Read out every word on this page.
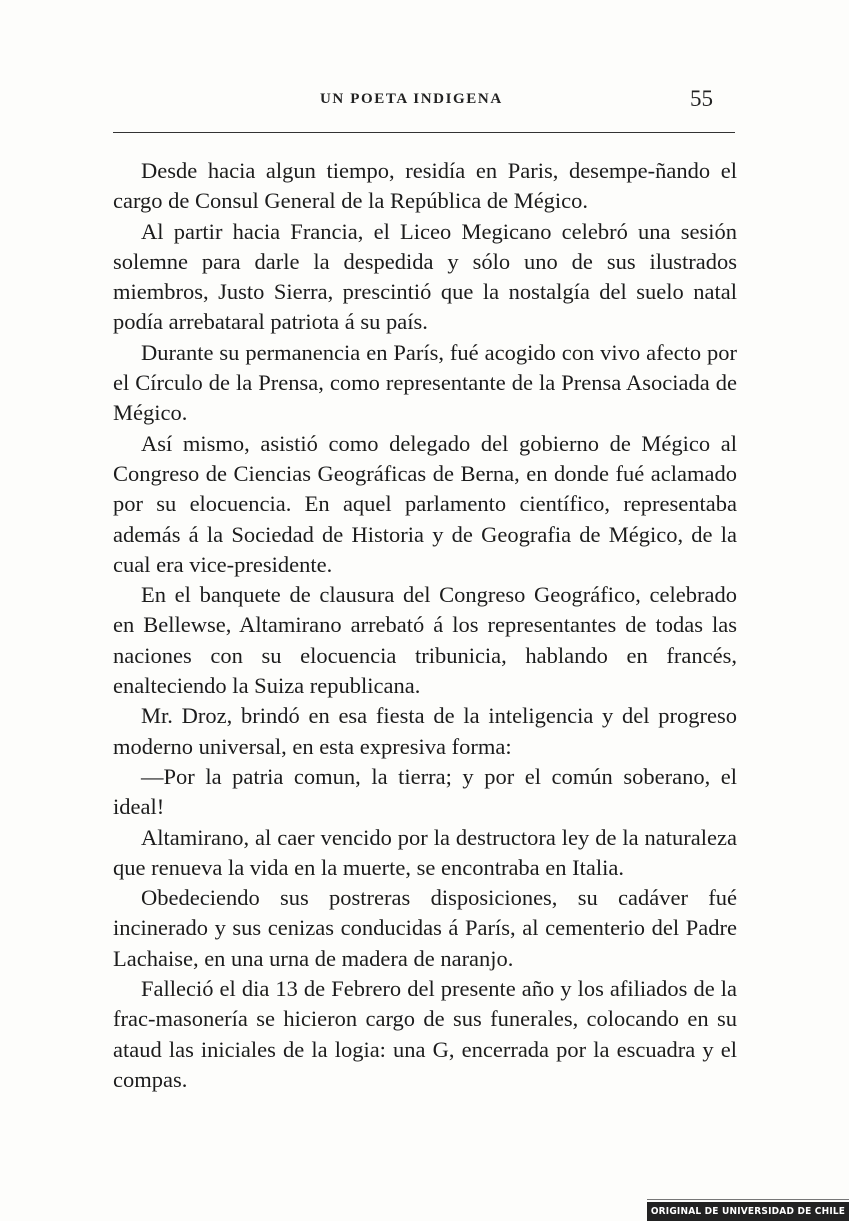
UN POETA INDIGENA	55

Desde hacia algun tiempo, residía en Paris, desempe-ñando el cargo de Consul General de la República de Mégico.

Al partir hacia Francia, el Liceo Megicano celebró una sesión solemne para darle la despedida y sólo uno de sus ilustrados miembros, Justo Sierra, prescintió que la nostalgía del suelo natal podía arrebataral patriota á su país.

Durante su permanencia en París, fué acogido con vivo afecto por el Círculo de la Prensa, como representante de la Prensa Asociada de Mégico.

Así mismo, asistió como delegado del gobierno de Mégico al Congreso de Ciencias Geográficas de Berna, en donde fué aclamado por su elocuencia. En aquel parlamento científico, representaba además á la Sociedad de Historia y de Geografia de Mégico, de la cual era vice-presidente.

En el banquete de clausura del Congreso Geográfico, celebrado en Bellewse, Altamirano arrebató á los representantes de todas las naciones con su elocuencia tribunicia, hablando en francés, enalteciendo la Suiza republicana.

Mr. Droz, brindó en esa fiesta de la inteligencia y del progreso moderno universal, en esta expresiva forma:

—Por la patria comun, la tierra; y por el común soberano, el ideal!

Altamirano, al caer vencido por la destructora ley de la naturaleza que renueva la vida en la muerte, se encontraba en Italia.

Obedeciendo sus postreras disposiciones, su cadáver fué incinerado y sus cenizas conducidas á París, al cementerio del Padre Lachaise, en una urna de madera de naranjo.

Falleció el dia 13 de Febrero del presente año y los afiliados de la frac-masonería se hicieron cargo de sus funerales, colocando en su ataud las iniciales de la logia: una G, encerrada por la escuadra y el compas.

ORIGINAL DE UNIVERSIDAD DE CHILE
